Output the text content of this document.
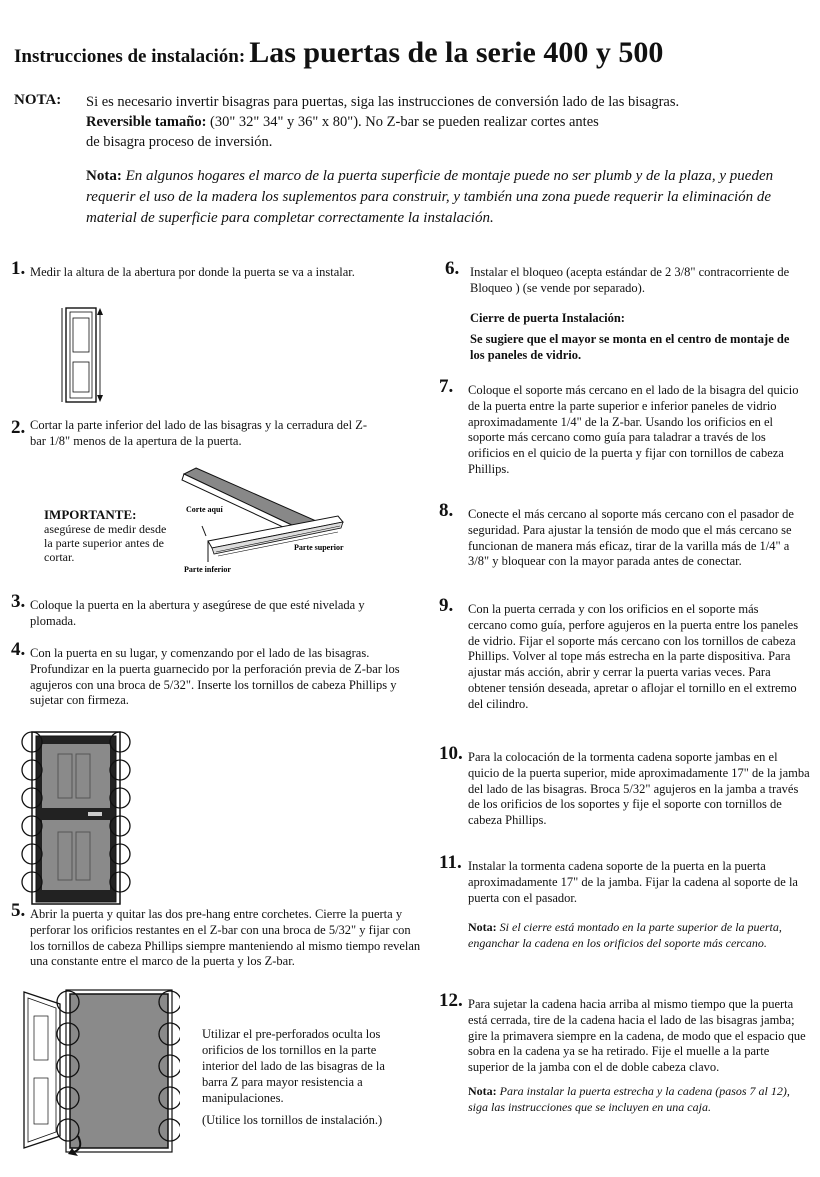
Instrucciones de instalación: Las puertas de la serie 400 y 500
NOTA: Si es necesario invertir bisagras para puertas, siga las instrucciones de conversión lado de las bisagras.
Reversible tamaño: (30" 32" 34" y 36" x 80"). No Z-bar se pueden realizar cortes antes
de bisagra proceso de inversión.
Nota: En algunos hogares el marco de la puerta superficie de montaje puede no ser plumb y de la plaza, y pueden requerir el uso de la madera los suplementos para construir, y también una zona puede requerir la eliminación de material de superficie para completar correctamente la instalación.
1. Medir la altura de la abertura por donde la puerta se va a instalar.
2. Cortar la parte inferior del lado de las bisagras y la cerradura del Z-bar 1/8" menos de la apertura de la puerta.
IMPORTANTE:
asegúrese de medir desde la parte superior antes de cortar.
Corte aquí
Parte superior
Parte inferior
3. Coloque la puerta en la abertura y asegúrese de que esté nivelada y plomada.
4. Con la puerta en su lugar, y comenzando por el lado de las bisagras. Profundizar en la puerta guarnecido por la perforación previa de Z-bar los agujeros con una broca de 5/32". Inserte los tornillos de cabeza Phillips y sujetar con firmeza.
5. Abrir la puerta y quitar las dos pre-hang entre corchetes. Cierre la puerta y perforar los orificios restantes en el Z-bar con una broca de 5/32" y fijar con los tornillos de cabeza Phillips siempre manteniendo al mismo tiempo revelan una constante entre el marco de la puerta y los Z-bar.
Utilizar el pre-perforados oculta los orificios de los tornillos en la parte interior del lado de las bisagras de la barra Z para mayor resistencia a manipulaciones.
(Utilice los tornillos de instalación.)
6. Instalar el bloqueo (acepta estándar de 2 3/8" contracorriente de Bloqueo ) (se vende por separado).
Cierre de puerta Instalación:
Se sugiere que el mayor se monta en el centro de montaje de los paneles de vidrio.
7. Coloque el soporte más cercano en el lado de la bisagra del quicio de la puerta entre la parte superior e inferior paneles de vidrio aproximadamente 1/4" de la Z-bar. Usando los orificios en el soporte más cercano como guía para taladrar a través de los orificios en el quicio de la puerta y fijar con tornillos de cabeza Phillips.
8. Conecte el más cercano al soporte más cercano con el pasador de seguridad. Para ajustar la tensión de modo que el más cercano se funcionan de manera más eficaz, tirar de la varilla más de 1/4" a 3/8" y bloquear con la mayor parada antes de conectar.
9. Con la puerta cerrada y con los orificios en el soporte más cercano como guía, perfore agujeros en la puerta entre los paneles de vidrio. Fijar el soporte más cercano con los tornillos de cabeza Phillips. Volver al tope más estrecha en la parte dispositiva. Para ajustar más acción, abrir y cerrar la puerta varias veces. Para obtener tensión deseada, apretar o aflojar el tornillo en el extremo del cilindro.
10. Para la colocación de la tormenta cadena soporte jambas en el quicio de la puerta superior, mide aproximadamente 17" de la jamba del lado de las bisagras. Broca 5/32" agujeros en la jamba a través de los orificios de los soportes y fije el soporte con tornillos de cabeza Phillips.
11. Instalar la tormenta cadena soporte de la puerta en la puerta aproximadamente 17" de la jamba. Fijar la cadena al soporte de la puerta con el pasador.
Nota: Si el cierre está montado en la parte superior de la puerta, enganchar la cadena en los orificios del soporte más cercano.
12. Para sujetar la cadena hacia arriba al mismo tiempo que la puerta está cerrada, tire de la cadena hacia el lado de las bisagras jamba; gire la primavera siempre en la cadena, de modo que el espacio que sobra en la cadena ya se ha retirado. Fije el muelle a la parte superior de la jamba con el de doble cabeza clavo.
Nota: Para instalar la puerta estrecha y la cadena (pasos 7 al 12), siga las instrucciones que se incluyen en una caja.
